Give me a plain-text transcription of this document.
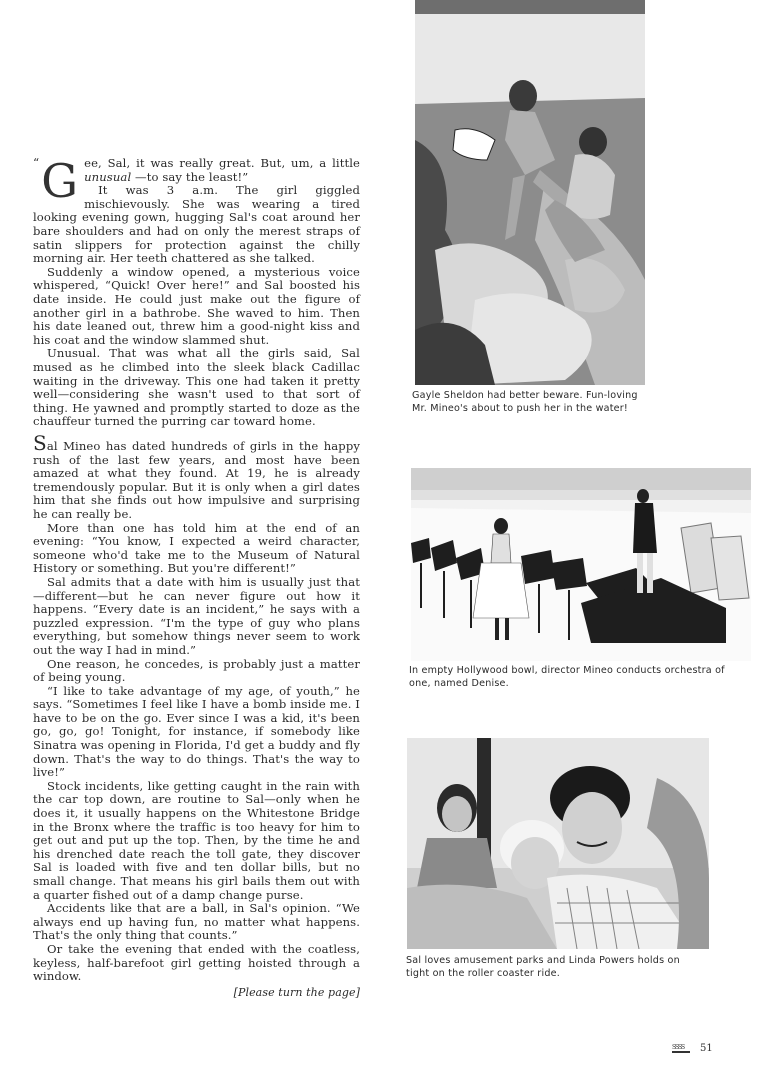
“ G ee, Sal, it was really great. But, um, a little unusual —to say the least!”

It was 3 a.m. The girl giggled mischievously. She was wearing a tired looking evening gown, hugging Sal's coat around her bare shoulders and had on only the merest straps of satin slippers for protection against the chilly morning air. Her teeth chattered as she talked.

Suddenly a window opened, a mysterious voice whispered, “Quick! Over here!” and Sal boosted his date inside. He could just make out the figure of another girl in a bathrobe. She waved to him. Then his date leaned out, threw him a good-night kiss and his coat and the window slammed shut.

Unusual. That was what all the girls said, Sal mused as he climbed into the sleek black Cadillac waiting in the driveway. This one had taken it pretty well—considering she wasn't used to that sort of thing. He yawned and promptly started to doze as the chauffeur turned the purring car toward home.

Sal Mineo has dated hundreds of girls in the happy rush of the last few years, and most have been amazed at what they found. At 19, he is already tremendously popular. But it is only when a girl dates him that she finds out how impulsive and surprising he can really be.

More than one has told him at the end of an evening: “You know, I expected a weird character, someone who'd take me to the Museum of Natural History or something. But you're different!”

Sal admits that a date with him is usually just that—different—but he can never figure out how it happens. “Every date is an incident,” he says with a puzzled expression. “I'm the type of guy who plans everything, but somehow things never seem to work out the way I had in mind.”

One reason, he concedes, is probably just a matter of being young.

“I like to take advantage of my age, of youth,” he says. “Sometimes I feel like I have a bomb inside me. I have to be on the go. Ever since I was a kid, it's been go, go, go! Tonight, for instance, if somebody like Sinatra was opening in Florida, I'd get a buddy and fly down. That's the way to do things. That's the way to live!”

Stock incidents, like getting caught in the rain with the car top down, are routine to Sal—only when he does it, it usually happens on the Whitestone Bridge in the Bronx where the traffic is too heavy for him to get out and put up the top. Then, by the time he and his drenched date reach the toll gate, they discover Sal is loaded with five and ten dollar bills, but no small change. That means his girl bails them out with a quarter fished out of a damp change purse.

Accidents like that are a ball, in Sal's opinion. “We always end up having fun, no matter what happens. That's the only thing that counts.”

Or take the evening that ended with the coatless, keyless, half-barefoot girl getting hoisted through a window.

[Please turn the page]
Gayle Sheldon had better beware. Fun-loving Mr. Mineo's about to push her in the water!
In empty Hollywood bowl, director Mineo conducts orchestra of one, named Denise.
Sal loves amusement parks and Linda Powers holds on tight on the roller coaster ride.
SSSS 51
